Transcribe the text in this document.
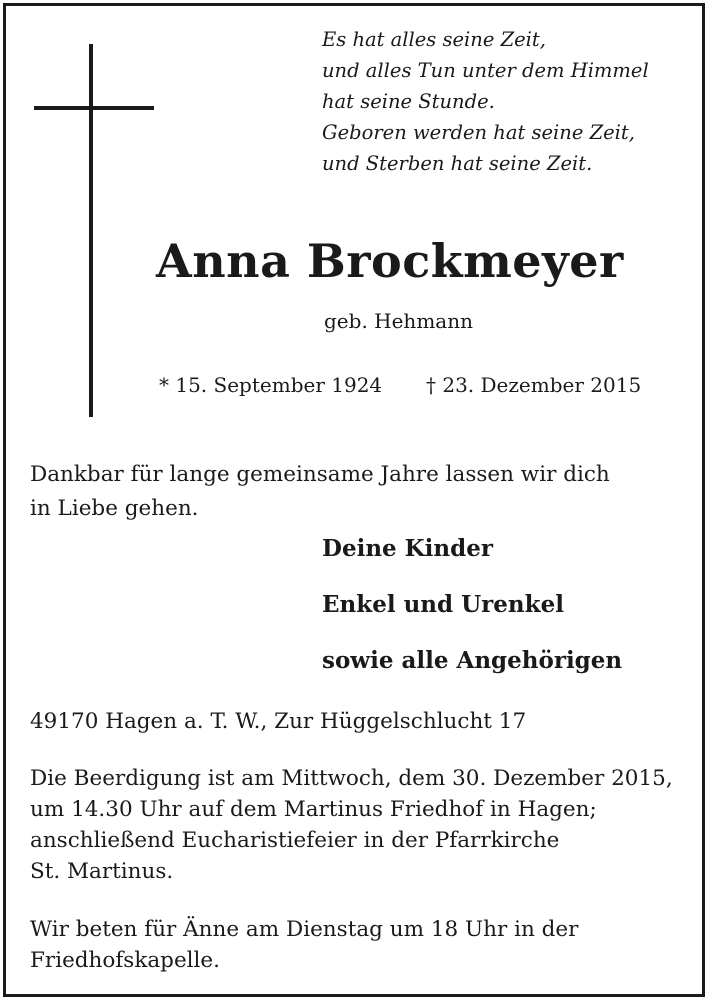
Es hat alles seine Zeit,
und alles Tun unter dem Himmel
hat seine Stunde.
Geboren werden hat seine Zeit,
und Sterben hat seine Zeit.
Anna Brockmeyer
geb. Hehmann
* 15. September 1924 † 23. Dezember 2015
Dankbar für lange gemeinsame Jahre lassen wir dich
in Liebe gehen.
Deine Kinder
Enkel und Urenkel
sowie alle Angehörigen
49170 Hagen a. T. W., Zur Hüggelschlucht 17
Die Beerdigung ist am Mittwoch, dem 30. Dezember 2015,
um 14.30 Uhr auf dem Martinus Friedhof in Hagen;
anschließend Eucharistiefeier in der Pfarrkirche
St. Martinus.
Wir beten für Änne am Dienstag um 18 Uhr in der
Friedhofskapelle.
